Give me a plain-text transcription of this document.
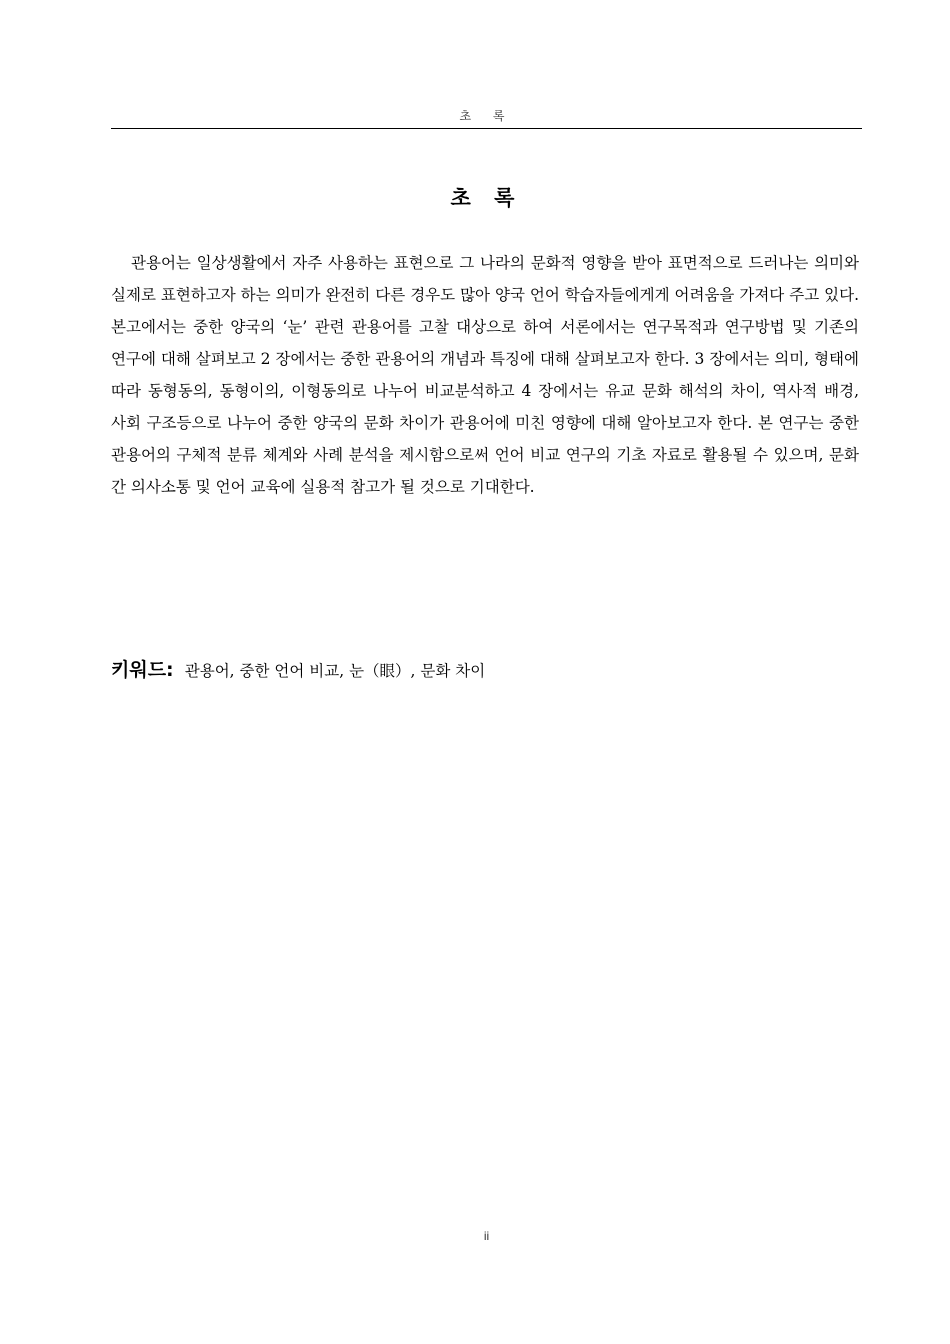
초 록
초 록

관용어는 일상생활에서 자주 사용하는 표현으로 그 나라의 문화적 영향을 받아 표면적으로 드러나는 의미와 실제로 표현하고자 하는 의미가 완전히 다른 경우도 많아 양국 언어 학습자들에게게 어려움을 가져다 주고 있다. 본고에서는 중한 양국의 ‘눈’ 관련 관용어를 고찰 대상으로 하여 서론에서는 연구목적과 연구방법 및 기존의 연구에 대해 살펴보고 2 장에서는 중한 관용어의 개념과 특징에 대해 살펴보고자 한다. 3 장에서는 의미, 형태에 따라 동형동의, 동형이의, 이형동의로 나누어 비교분석하고 4 장에서는 유교 문화 해석의 차이, 역사적 배경, 사회 구조등으로 나누어 중한 양국의 문화 차이가 관용어에 미친 영향에 대해 알아보고자 한다. 본 연구는 중한 관용어의 구체적 분류 체계와 사례 분석을 제시함으로써 언어 비교 연구의 기초 자료로 활용될 수 있으며, 문화 간 의사소통 및 언어 교육에 실용적 참고가 될 것으로 기대한다.

키워드: 관용어, 중한 언어 비교, 눈（眼）, 문화 차이
ii
